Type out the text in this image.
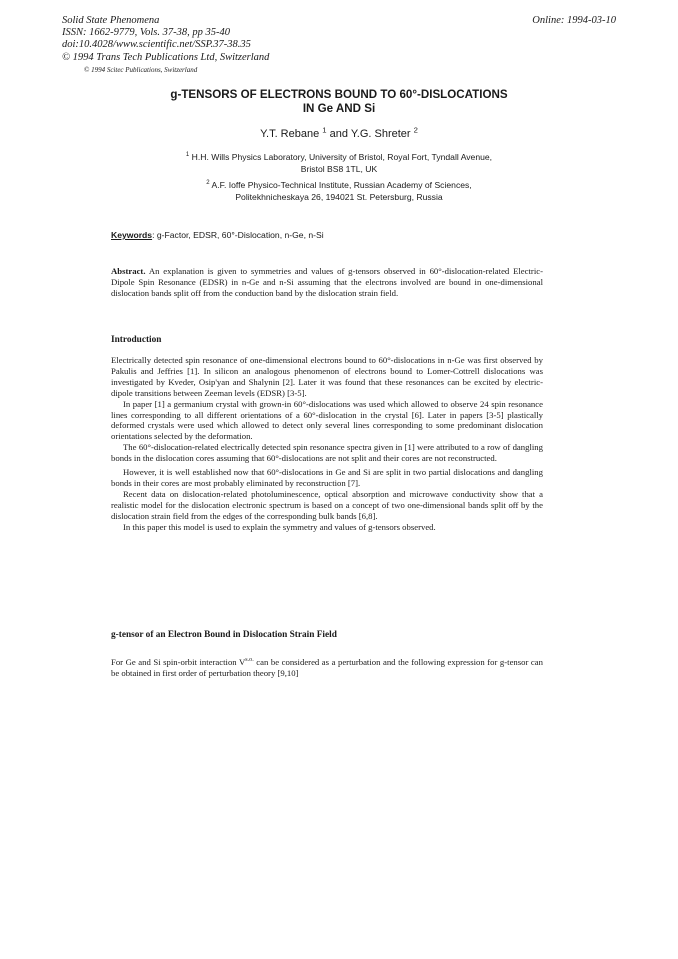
Solid State Phenomena
ISSN: 1662-9779, Vols. 37-38, pp 35-40
doi:10.4028/www.scientific.net/SSP.37-38.35
© 1994 Trans Tech Publications Ltd, Switzerland
© 1994 Scitec Publications, Switzerland
Online: 1994-03-10
g-TENSORS OF ELECTRONS BOUND TO 60°-DISLOCATIONS
IN Ge AND Si
Y.T. Rebane $^1$ and Y.G. Shreter $^2$
$^1$ H.H. Wills Physics Laboratory, University of Bristol, Royal Fort, Tyndall Avenue,
Bristol BS8 1TL, UK
$^2$ A.F. Ioffe Physico-Technical Institute, Russian Academy of Sciences,
Politekhnicheskaya 26, 194021 St. Petersburg, Russia
Keywords: g-Factor, EDSR, 60°-Dislocation, n-Ge, n-Si
Abstract. An explanation is given to symmetries and values of g-tensors observed in 60°-dislocation-related Electric-Dipole Spin Resonance (EDSR) in n-Ge and n-Si assuming that the electrons involved are bound in one-dimensional dislocation bands split off from the conduction band by the dislocation strain field.
Introduction

Electrically detected spin resonance of one-dimensional electrons bound to 60°-dislocations in n-Ge was first observed by Pakulis and Jeffries [1]. In silicon an analogous phenomenon of electrons bound to Lomer-Cottrell dislocations was investigated by Kveder, Osip'yan and Shalynin [2]. Later it was found that these resonances can be excited by electric-dipole transitions between Zeeman levels (EDSR) [3-5].

In paper [1] a germanium crystal with grown-in 60°-dislocations was used which allowed to observe 24 spin resonance lines corresponding to all different orientations of a 60°-dislocation in the crystal [6]. Later in papers [3-5] plastically deformed crystals were used which allowed to detect only several lines corresponding to some predominant dislocation orientations selected by the deformation.

The 60°-dislocation-related electrically detected spin resonance spectra given in [1] were attributed to a row of dangling bonds in the dislocation cores assuming that 60°-dislocations are not split and their cores are not reconstructed.

However, it is well established now that 60°-dislocations in Ge and Si are split in two partial dislocations and dangling bonds in their cores are most probably eliminated by reconstruction [7].

Recent data on dislocation-related photoluminescence, optical absorption and microwave conductivity show that a realistic model for the dislocation electronic spectrum is based on a concept of two one-dimensional bands split off by the dislocation strain field from the edges of the corresponding bulk bands [6,8].

In this paper this model is used to explain the symmetry and values of g-tensors observed.

g-tensor of an Electron Bound in Dislocation Strain Field

For Ge and Si spin-orbit interaction $V^{s.o.}$ can be considered as a perturbation and the following expression for g-tensor can be obtained in first order of perturbation theory [9,10]
